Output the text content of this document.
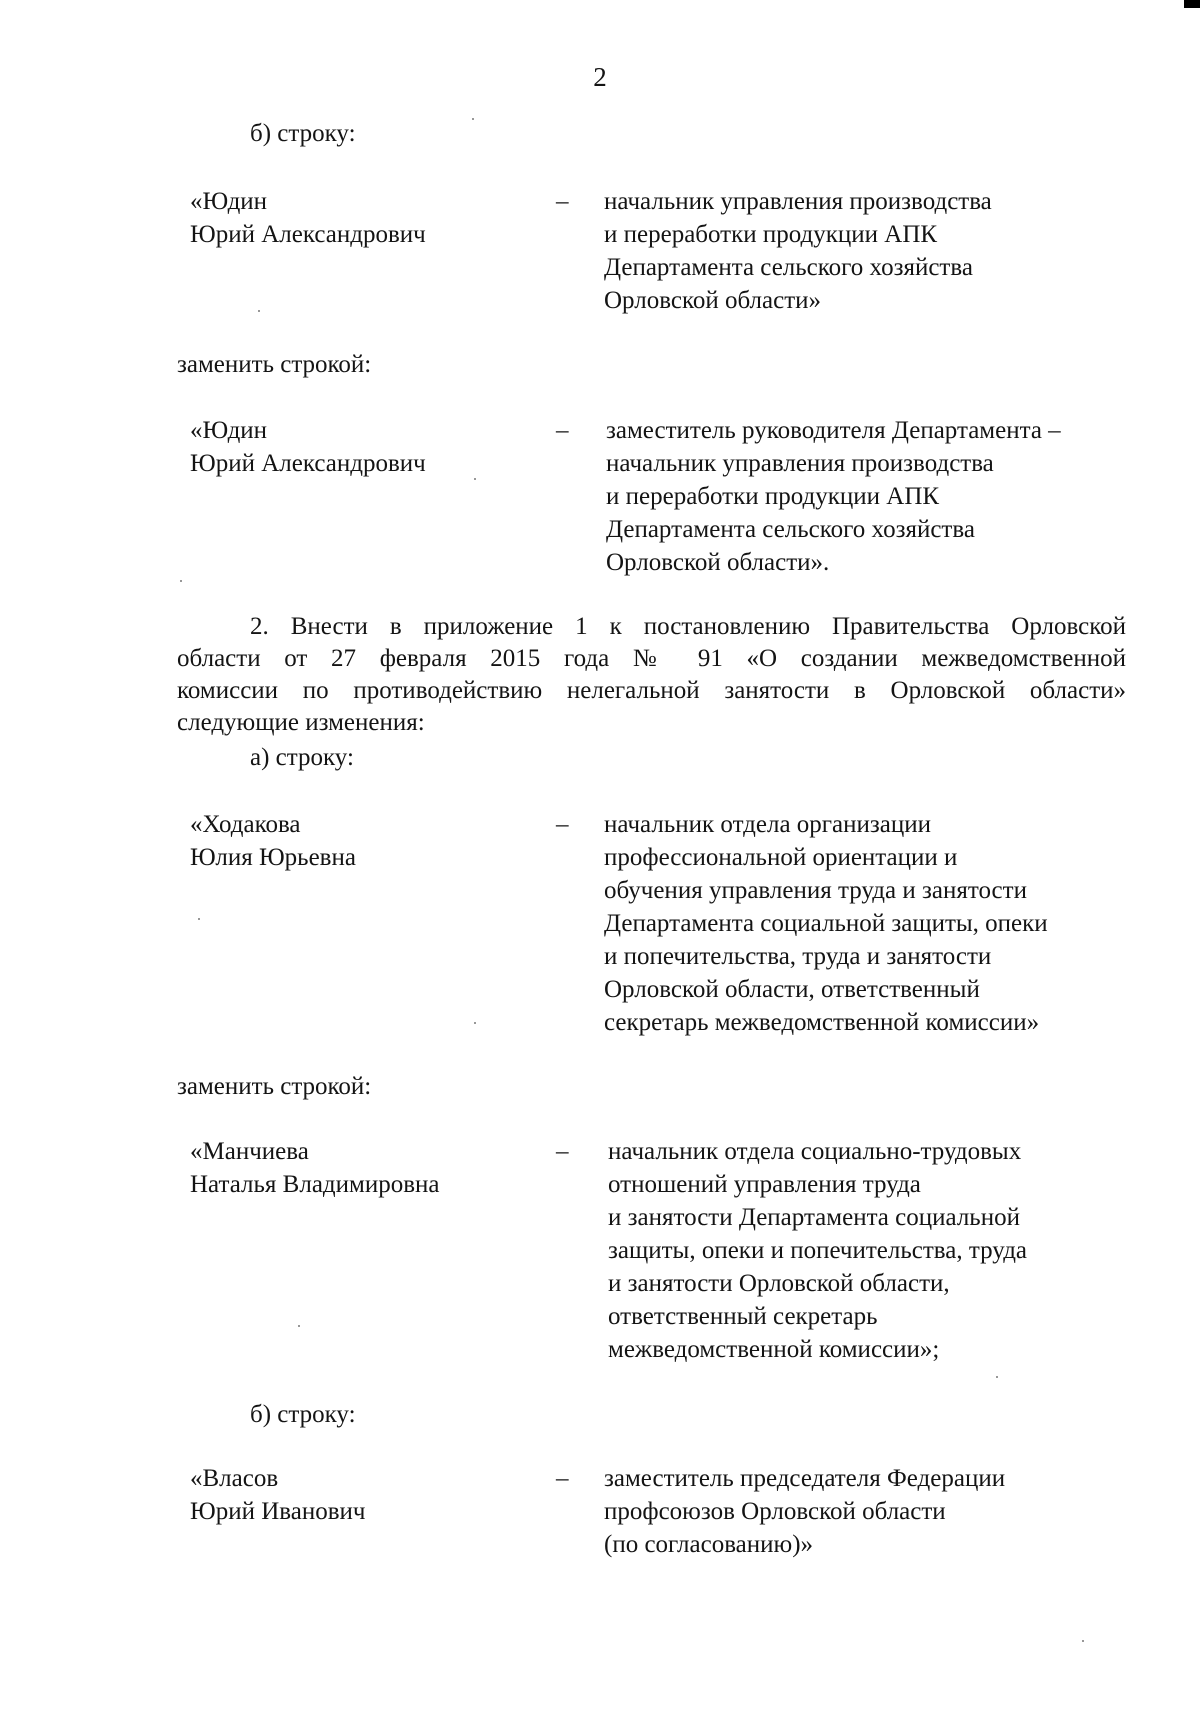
2
б) строку:
«Юдин
Юрий Александрович
– начальник управления производства
и переработки продукции АПК
Департамента сельского хозяйства
Орловской области»
заменить строкой:
«Юдин
Юрий Александрович
– заместитель руководителя Департамента –
начальник управления производства
и переработки продукции АПК
Департамента сельского хозяйства
Орловской области».
2. Внести в приложение 1 к постановлению Правительства Орловской
области от 27 февраля 2015 года № 91 «О создании межведомственной
комиссии по противодействию нелегальной занятости в Орловской области»
следующие изменения:
а) строку:
«Ходакова
Юлия Юрьевна
– начальник отдела организации
профессиональной ориентации и
обучения управления труда и занятости
Департамента социальной защиты, опеки
и попечительства, труда и занятости
Орловской области, ответственный
секретарь межведомственной комиссии»
заменить строкой:
«Манчиева
Наталья Владимировна
– начальник отдела социально-трудовых
отношений управления труда
и занятости Департамента социальной
защиты, опеки и попечительства, труда
и занятости Орловской области,
ответственный секретарь
межведомственной комиссии»;
б) строку:
«Власов
Юрий Иванович
– заместитель председателя Федерации
профсоюзов Орловской области
(по согласованию)»
